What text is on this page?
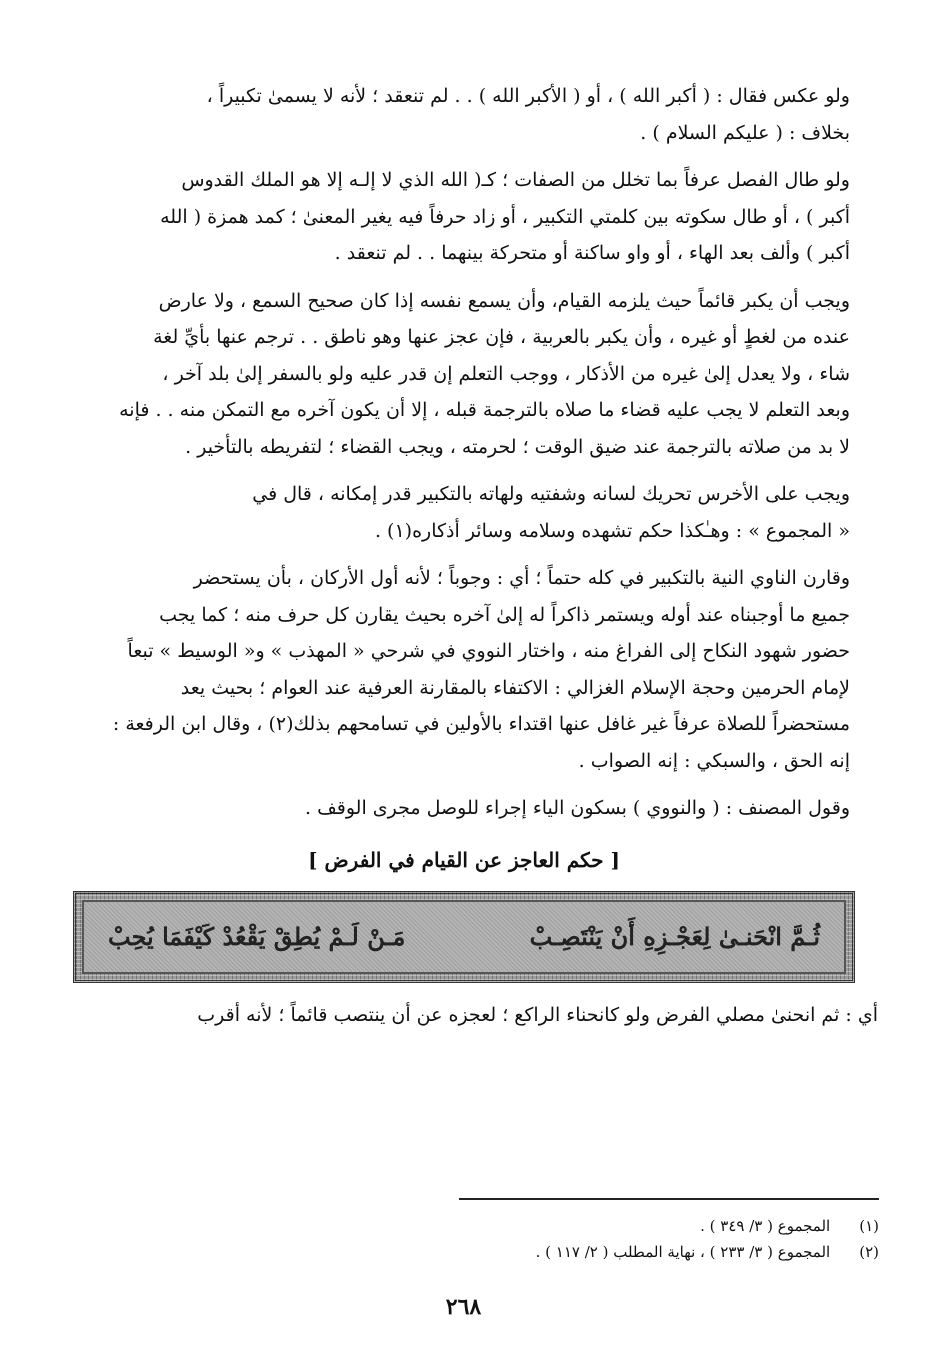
ولو عكس فقال : ( أكبر الله ) ، أو ( الأكبر الله ) . . لم تنعقد ؛ لأنه لا يسمىٰ تكبيراً ،
بخلاف : ( عليكم السلام ) .

ولو طال الفصل عرفاً بما تخلل من الصفات ؛ كـ( الله الذي لا إلـه إلا هو الملك القدوس
أكبر ) ، أو طال سكوته بين كلمتي التكبير ، أو زاد حرفاً فيه يغير المعنىٰ ؛ كمد همزة ( الله
أكبر ) وألف بعد الهاء ، أو واو ساكنة أو متحركة بينهما . . لم تنعقد .

ويجب أن يكبر قائماً حيث يلزمه القيام، وأن يسمع نفسه إذا كان صحيح السمع ، ولا عارض
عنده من لغطٍ أو غيره ، وأن يكبر بالعربية ، فإن عجز عنها وهو ناطق . . ترجم عنها بأيِّ لغة
شاء ، ولا يعدل إلىٰ غيره من الأذكار ، ووجب التعلم إن قدر عليه ولو بالسفر إلىٰ بلد آخر ،
وبعد التعلم لا يجب عليه قضاء ما صلاه بالترجمة قبله ، إلا أن يكون آخره مع التمكن منه . . فإنه
لا بد من صلاته بالترجمة عند ضيق الوقت ؛ لحرمته ، ويجب القضاء ؛ لتفريطه بالتأخير .

ويجب على الأخرس تحريك لسانه وشفتيه ولهاته بالتكبير قدر إمكانه ، قال في
« المجموع » : وهـٰكذا حكم تشهده وسلامه وسائر أذكاره(١) .

وقارن الناوي النية بالتكبير في كله حتماً ؛ أي : وجوباً ؛ لأنه أول الأركان ، بأن يستحضر
جميع ما أوجبناه عند أوله ويستمر ذاكراً له إلىٰ آخره بحيث يقارن كل حرف منه ؛ كما يجب
حضور شهود النكاح إلى الفراغ منه ، واختار النووي في شرحي « المهذب » و« الوسيط » تبعاً
لإمام الحرمين وحجة الإسلام الغزالي : الاكتفاء بالمقارنة العرفية عند العوام ؛ بحيث يعد
مستحضراً للصلاة عرفاً غير غافل عنها اقتداء بالأولين في تسامحهم بذلك(٢) ، وقال ابن الرفعة :
إنه الحق ، والسبكي : إنه الصواب .

وقول المصنف : ( والنووي ) بسكون الياء إجراء للوصل مجرى الوقف .

[ حكم العاجز عن القيام في الفرض ]
ثُـمَّ انْحَنـىٰ لِعَجْـزِهِ أَنْ يَنْتَصِـبْ
مَـنْ لَـمْ يُطِقْ يَقْعُدْ كَيْفَمَا يُحِبْ

أي : ثم انحنىٰ مصلي الفرض ولو كانحناء الراكع ؛ لعجزه عن أن ينتصب قائماً ؛ لأنه أقرب

(١) المجموع ( ٣/ ٣٤٩ ) .
(٢) المجموع ( ٣/ ٢٣٣ ) ، نهاية المطلب ( ٢/ ١١٧ ) .
٢٦٨
